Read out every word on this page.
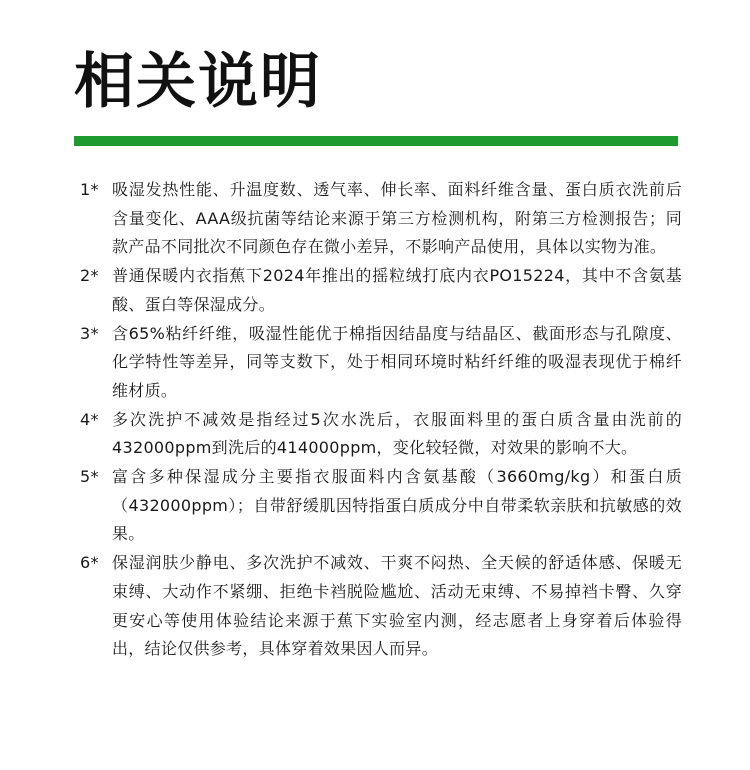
相关说明
1* 吸湿发热性能、升温度数、透气率、伸长率、面料纤维含量、蛋白质衣洗前后含量变化、AAA级抗菌等结论来源于第三方检测机构，附第三方检测报告；同款产品不同批次不同颜色存在微小差异，不影响产品使用，具体以实物为准。
2* 普通保暖内衣指蕉下2024年推出的摇粒绒打底内衣PO15224，其中不含氨基酸、蛋白等保湿成分。
3* 含65%粘纤纤维，吸湿性能优于棉指因结晶度与结晶区、截面形态与孔隙度、化学特性等差异，同等支数下，处于相同环境时粘纤纤维的吸湿表现优于棉纤维材质。
4* 多次洗护不减效是指经过5次水洗后，衣服面料里的蛋白质含量由洗前的432000ppm到洗后的414000ppm，变化较轻微，对效果的影响不大。
5* 富含多种保湿成分主要指衣服面料内含氨基酸（3660mg/kg）和蛋白质（432000ppm）；自带舒缓肌因特指蛋白质成分中自带柔软亲肤和抗敏感的效果。
6* 保湿润肤少静电、多次洗护不减效、干爽不闷热、全天候的舒适体感、保暖无束缚、大动作不紧绷、拒绝卡裆脱险尴尬、活动无束缚、不易掉裆卡臀、久穿更安心等使用体验结论来源于蕉下实验室内测，经志愿者上身穿着后体验得出，结论仅供参考，具体穿着效果因人而异。
